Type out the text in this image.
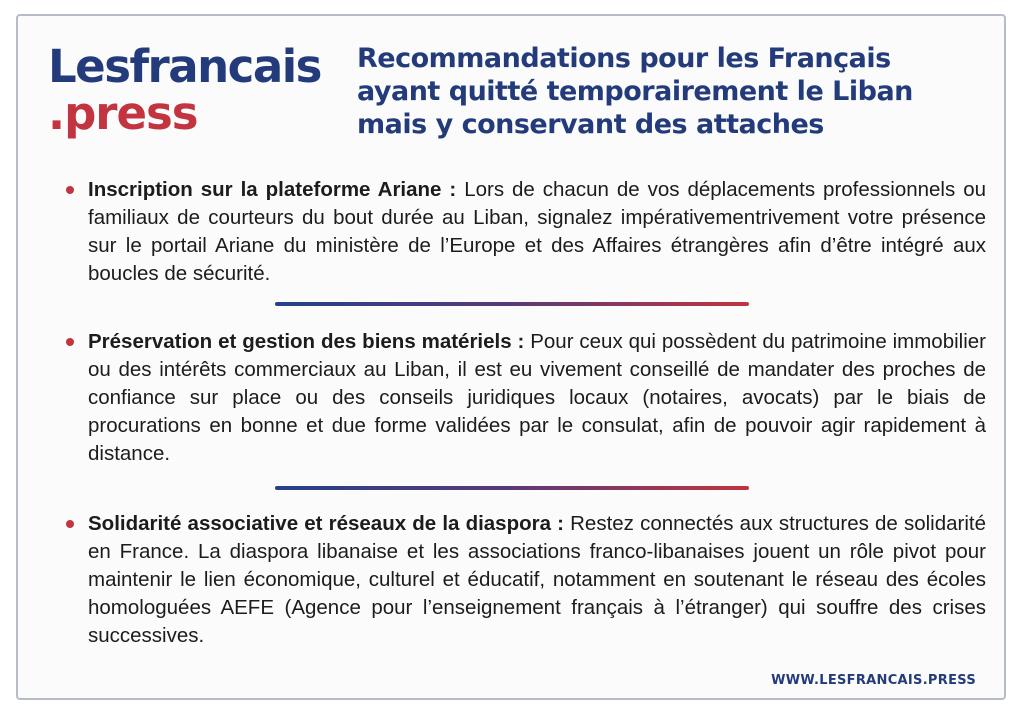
Lesfrancais
.press
Recommandations pour les Français
ayant quitté temporairement le Liban
mais y conservant des attaches

Inscription sur la plateforme Ariane : Lors de chacun de vos déplacements professionnels ou familiaux de courteurs du bout durée au Liban, signalez impérativementrivement votre présence sur le portail Ariane du ministère de l’Europe et des Affaires étrangères afin d’être intégré aux boucles de sécurité.

Préservation et gestion des biens matériels : Pour ceux qui possèdent du patrimoine immobilier ou des intérêts commerciaux au Liban, il est eu vivement conseillé de mandater des proches de confiance sur place ou des conseils juridiques locaux (notaires, avocats) par le biais de procurations en bonne et due forme validées par le consulat, afin de pouvoir agir rapidement à distance.

Solidarité associative et réseaux de la diaspora : Restez connectés aux structures de solidarité en France. La diaspora libanaise et les associations franco-libanaises jouent un rôle pivot pour maintenir le lien économique, culturel et éducatif, notamment en soutenant le réseau des écoles homologuées AEFE (Agence pour l’enseignement français à l’étranger) qui souffre des crises successives.

WWW.LESFRANCAIS.PRESS
